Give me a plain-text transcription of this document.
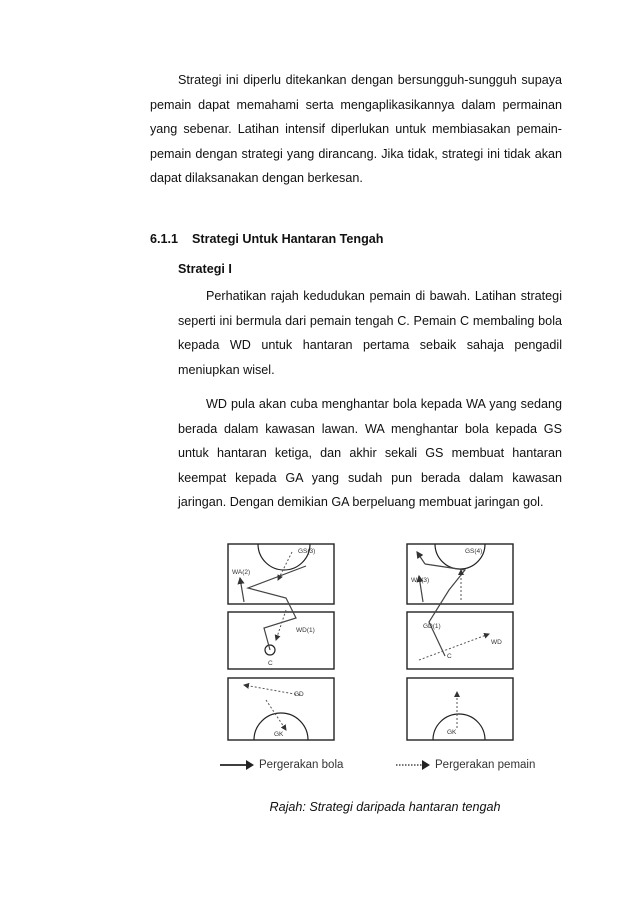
Strategi ini diperlu ditekankan dengan bersungguh-sungguh supaya pemain dapat memahami serta mengaplikasikannya dalam permainan yang sebenar. Latihan intensif diperlukan untuk membiasakan pemain-pemain dengan strategi yang dirancang. Jika tidak, strategi ini tidak akan dapat dilaksanakan dengan berkesan.

6.1.1 Strategi Untuk Hantaran Tengah
Strategi I

Perhatikan rajah kedudukan pemain di bawah. Latihan strategi seperti ini bermula dari pemain tengah C. Pemain C membaling bola kepada WD untuk hantaran pertama sebaik sahaja pengadil meniupkan wisel.

WD pula akan cuba menghantar bola kepada WA yang sedang berada dalam kawasan lawan. WA menghantar bola kepada GS untuk hantaran ketiga, dan akhir sekali GS membuat hantaran keempat kepada GA yang sudah pun berada dalam kawasan jaringan. Dengan demikian GA berpeluang membuat jaringan gol.

GS(3)
WA(2)
WD(1)
C
GD
GK
GS(4)
WA(3)
GD(1)
WD
C
GK
Pergerakan bola	Pergerakan pemain

Rajah: Strategi daripada hantaran tengah
